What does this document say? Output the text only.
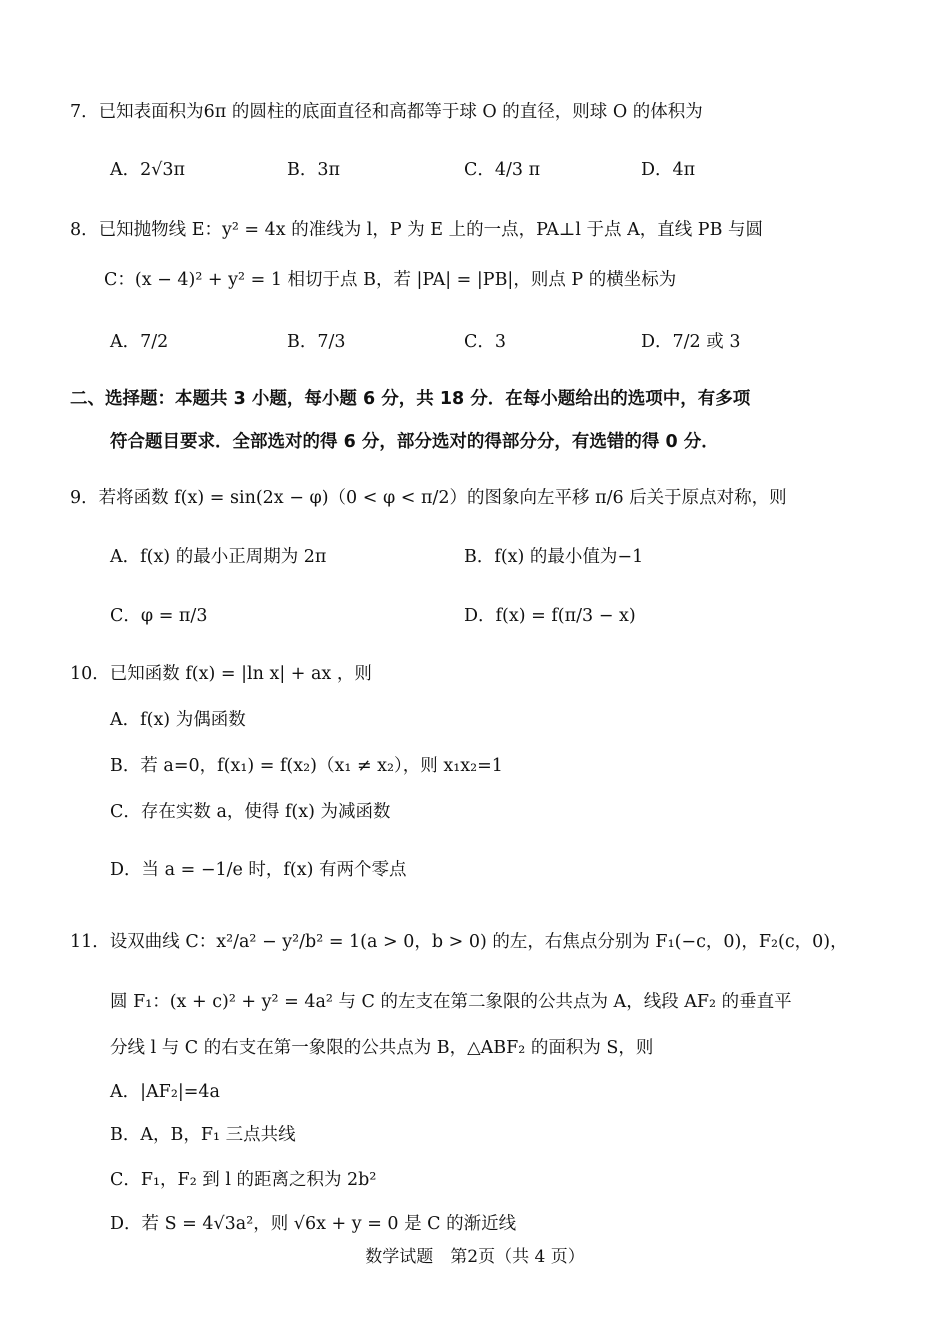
7．已知表面积为6π 的圆柱的底面直径和高都等于球 O 的直径，则球 O 的体积为
A．2√3π	B．3π	C．4/3 π	D．4π
8．已知抛物线 E：y² = 4x 的准线为 l，P 为 E 上的一点，PA⊥l 于点 A，直线 PB 与圆
C：(x − 4)² + y² = 1 相切于点 B，若 |PA| = |PB|，则点 P 的横坐标为
A．7/2	B．7/3	C．3	D．7/2 或 3
二、选择题：本题共 3 小题，每小题 6 分，共 18 分．在每小题给出的选项中，有多项
符合题目要求．全部选对的得 6 分，部分选对的得部分分，有选错的得 0 分．
9．若将函数 f(x) = sin(2x − φ)（0 < φ < π/2）的图象向左平移 π/6 后关于原点对称，则
A．f(x) 的最小正周期为 2π	B．f(x) 的最小值为−1
C．φ = π/3	D．f(x) = f(π/3 − x)
10．已知函数 f(x) = |ln x| + ax ，则
A．f(x) 为偶函数
B．若 a=0，f(x₁) = f(x₂)（x₁ ≠ x₂），则 x₁x₂=1
C．存在实数 a，使得 f(x) 为减函数
D．当 a = −1/e 时，f(x) 有两个零点
11．设双曲线 C：x²/a² − y²/b² = 1(a > 0，b > 0) 的左，右焦点分别为 F₁(−c，0)，F₂(c，0)，
圆 F₁：(x + c)² + y² = 4a² 与 C 的左支在第二象限的公共点为 A，线段 AF₂ 的垂直平
分线 l 与 C 的右支在第一象限的公共点为 B，△ABF₂ 的面积为 S，则
A．|AF₂|=4a
B．A，B，F₁ 三点共线
C．F₁，F₂ 到 l 的距离之积为 2b²
D．若 S = 4√3a²，则 √6x + y = 0 是 C 的渐近线
数学试题　第2页（共 4 页）
